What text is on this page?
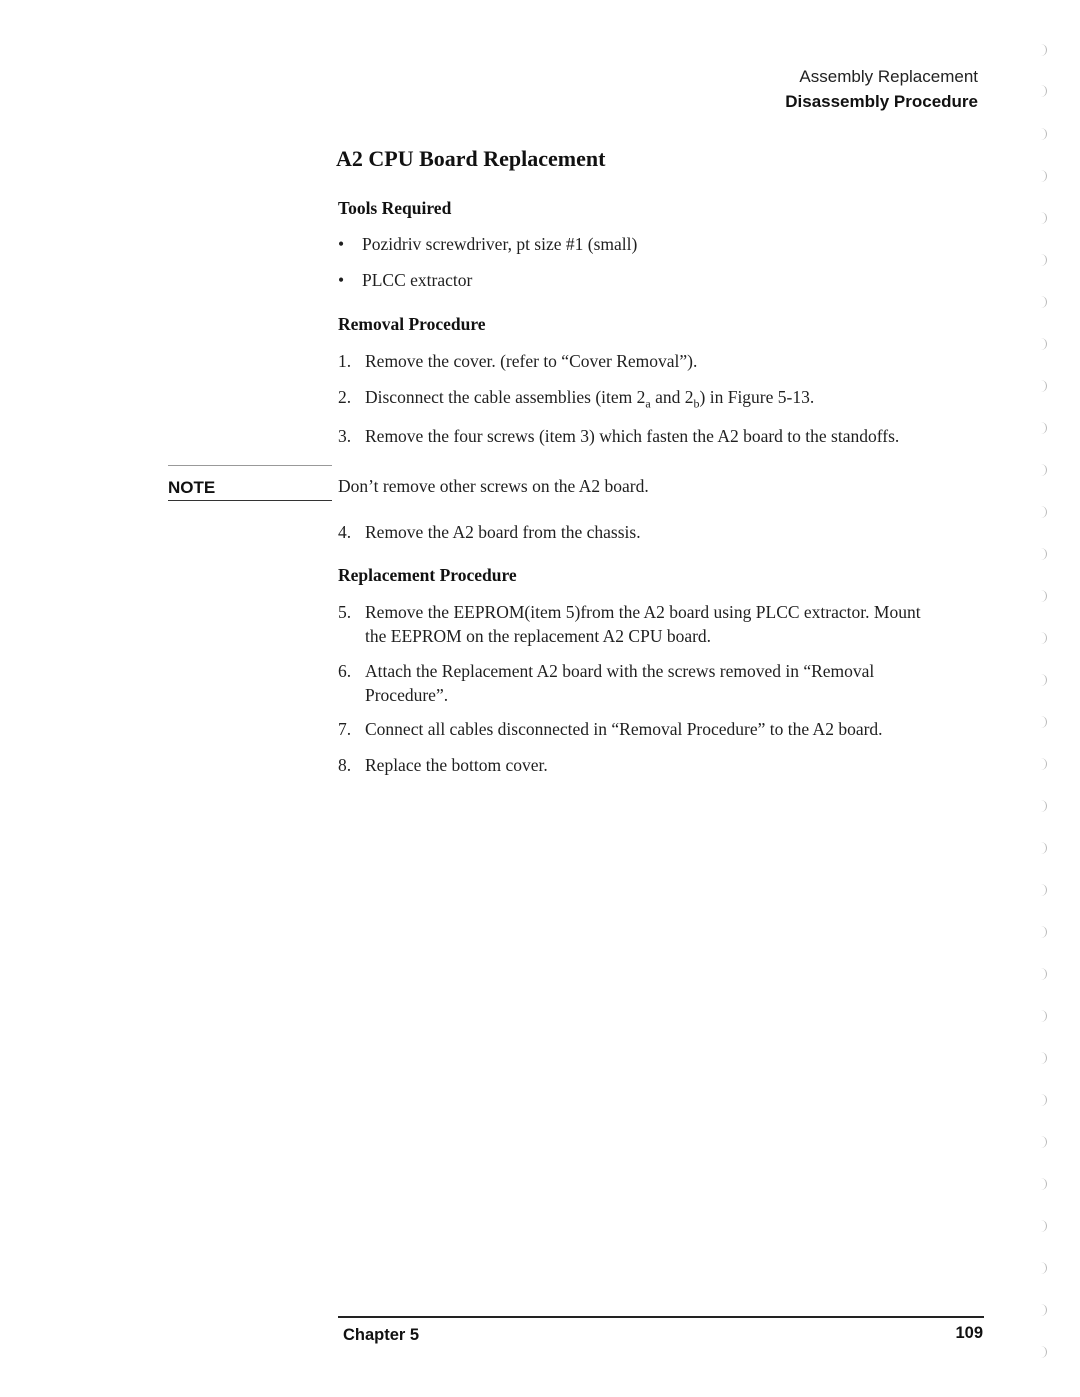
Assembly Replacement
Disassembly Procedure
A2 CPU Board Replacement
Tools Required
• Pozidriv screwdriver, pt size #1 (small)
• PLCC extractor
Removal Procedure
1. Remove the cover. (refer to “Cover Removal”).
2. Disconnect the cable assemblies (item $2_a$ and $2_b$) in Figure 5-13.
3. Remove the four screws (item 3) which fasten the A2 board to the standoffs.
NOTE	Don’t remove other screws on the A2 board.
4. Remove the A2 board from the chassis.
Replacement Procedure
5. Remove the EEPROM(item 5)from the A2 board using PLCC extractor. Mount
the EEPROM on the replacement A2 CPU board.
6. Attach the Replacement A2 board with the screws removed in “Removal
Procedure”.
7. Connect all cables disconnected in “Removal Procedure” to the A2 board.
8. Replace the bottom cover.
Chapter 5	109
